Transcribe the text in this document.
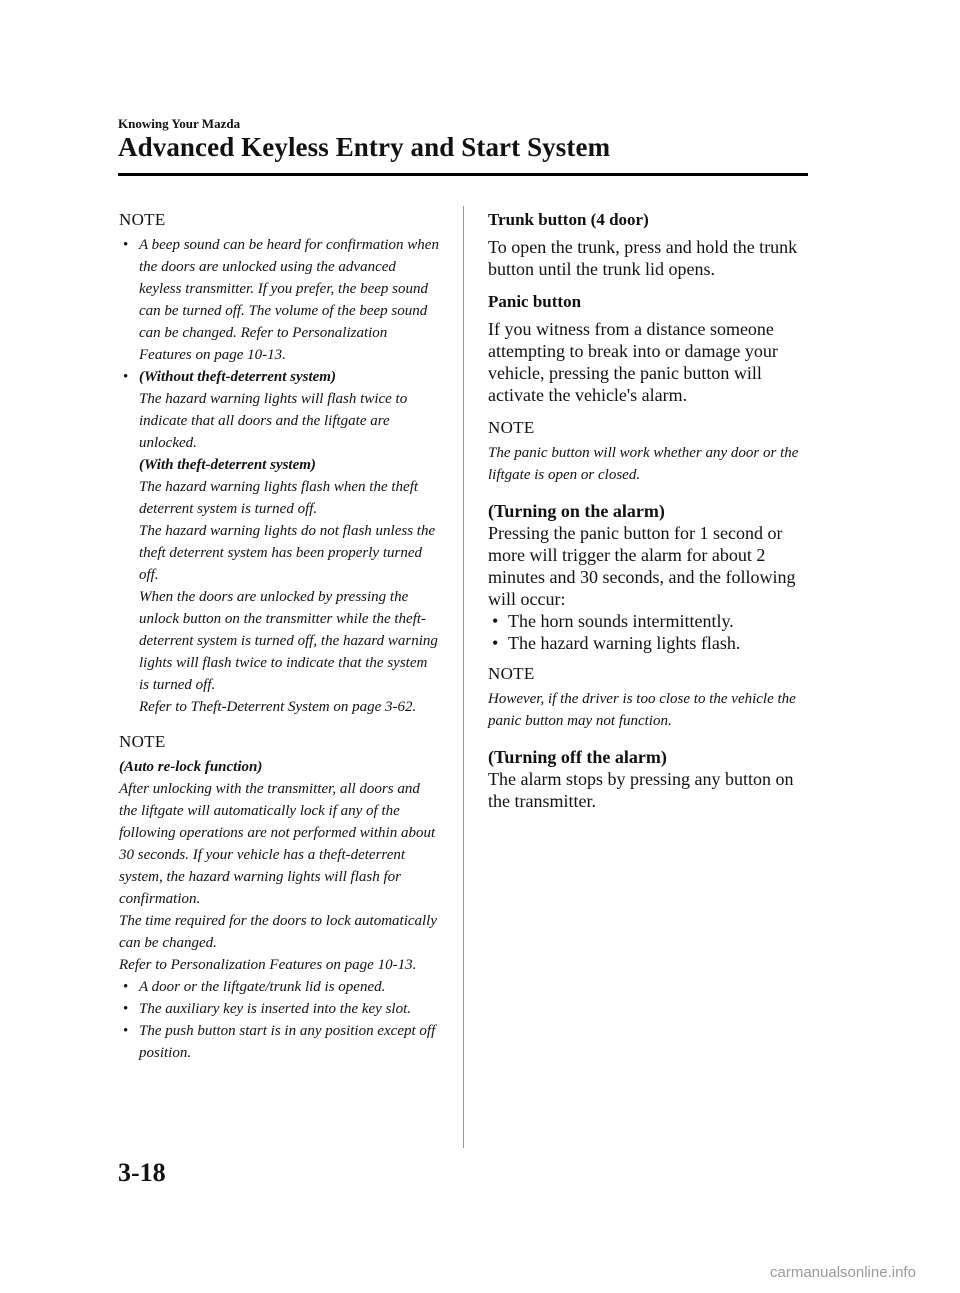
Knowing Your Mazda
Advanced Keyless Entry and Start System
NOTE

• A beep sound can be heard for confirmation when the doors are unlocked using the advanced keyless transmitter. If you prefer, the beep sound can be turned off. The volume of the beep sound can be changed. Refer to Personalization Features on page 10-13.

• (Without theft-deterrent system)

The hazard warning lights will flash twice to indicate that all doors and the liftgate are unlocked.

(With theft-deterrent system)

The hazard warning lights flash when the theft deterrent system is turned off.

The hazard warning lights do not flash unless the theft deterrent system has been properly turned off.

When the doors are unlocked by pressing the unlock button on the transmitter while the theft-deterrent system is turned off, the hazard warning lights will flash twice to indicate that the system is turned off.

Refer to Theft-Deterrent System on page 3-62.

NOTE

(Auto re-lock function)

After unlocking with the transmitter, all doors and the liftgate will automatically lock if any of the following operations are not performed within about 30 seconds. If your vehicle has a theft-deterrent system, the hazard warning lights will flash for confirmation.

The time required for the doors to lock automatically can be changed.

Refer to Personalization Features on page 10-13.

• A door or the liftgate/trunk lid is opened.
• The auxiliary key is inserted into the key slot.
• The push button start is in any position except off position.
Trunk button (4 door)

To open the trunk, press and hold the trunk button until the trunk lid opens.

Panic button

If you witness from a distance someone attempting to break into or damage your vehicle, pressing the panic button will activate the vehicle's alarm.

NOTE

The panic button will work whether any door or the liftgate is open or closed.

(Turning on the alarm)

Pressing the panic button for 1 second or more will trigger the alarm for about 2 minutes and 30 seconds, and the following will occur:

• The horn sounds intermittently.
• The hazard warning lights flash.
NOTE

However, if the driver is too close to the vehicle the panic button may not function.

(Turning off the alarm)

The alarm stops by pressing any button on the transmitter.

3-18
carmanualsonline.info
